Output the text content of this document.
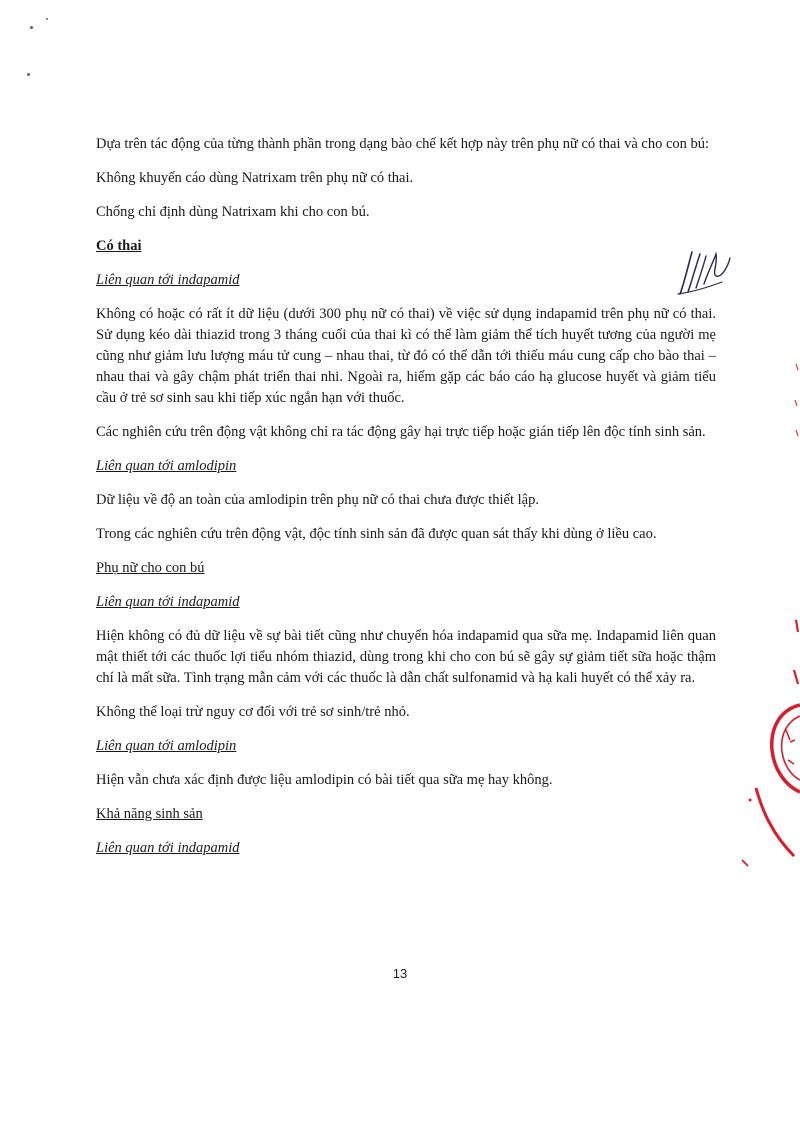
Dựa trên tác động của từng thành phần trong dạng bào chế kết hợp này trên phụ nữ có thai và cho con bú:

Không khuyến cáo dùng Natrixam trên phụ nữ có thai.

Chống chỉ định dùng Natrixam khi cho con bú.

Có thai

Liên quan tới indapamid

Không có hoặc có rất ít dữ liệu (dưới 300 phụ nữ có thai) về việc sử dụng indapamid trên phụ nữ có thai. Sử dụng kéo dài thiazid trong 3 tháng cuối của thai kì có thể làm giảm thể tích huyết tương của người mẹ cũng như giảm lưu lượng máu tử cung – nhau thai, từ đó có thể dẫn tới thiếu máu cung cấp cho bào thai – nhau thai và gây chậm phát triển thai nhi. Ngoài ra, hiếm gặp các báo cáo hạ glucose huyết và giảm tiểu cầu ở trẻ sơ sinh sau khi tiếp xúc ngắn hạn với thuốc.

Các nghiên cứu trên động vật không chỉ ra tác động gây hại trực tiếp hoặc gián tiếp lên độc tính sinh sản.

Liên quan tới amlodipin

Dữ liệu về độ an toàn của amlodipin trên phụ nữ có thai chưa được thiết lập.

Trong các nghiên cứu trên động vật, độc tính sinh sản đã được quan sát thấy khi dùng ở liều cao.

Phụ nữ cho con bú

Liên quan tới indapamid

Hiện không có đủ dữ liệu về sự bài tiết cũng như chuyển hóa indapamid qua sữa mẹ. Indapamid liên quan mật thiết tới các thuốc lợi tiểu nhóm thiazid, dùng trong khi cho con bú sẽ gây sự giảm tiết sữa hoặc thậm chí là mất sữa. Tình trạng mẫn cảm với các thuốc là dẫn chất sulfonamid và hạ kali huyết có thể xảy ra.

Không thể loại trừ nguy cơ đối với trẻ sơ sinh/trẻ nhỏ.

Liên quan tới amlodipin

Hiện vẫn chưa xác định được liệu amlodipin có bài tiết qua sữa mẹ hay không.

Khả năng sinh sản

Liên quan tới indapamid

13
